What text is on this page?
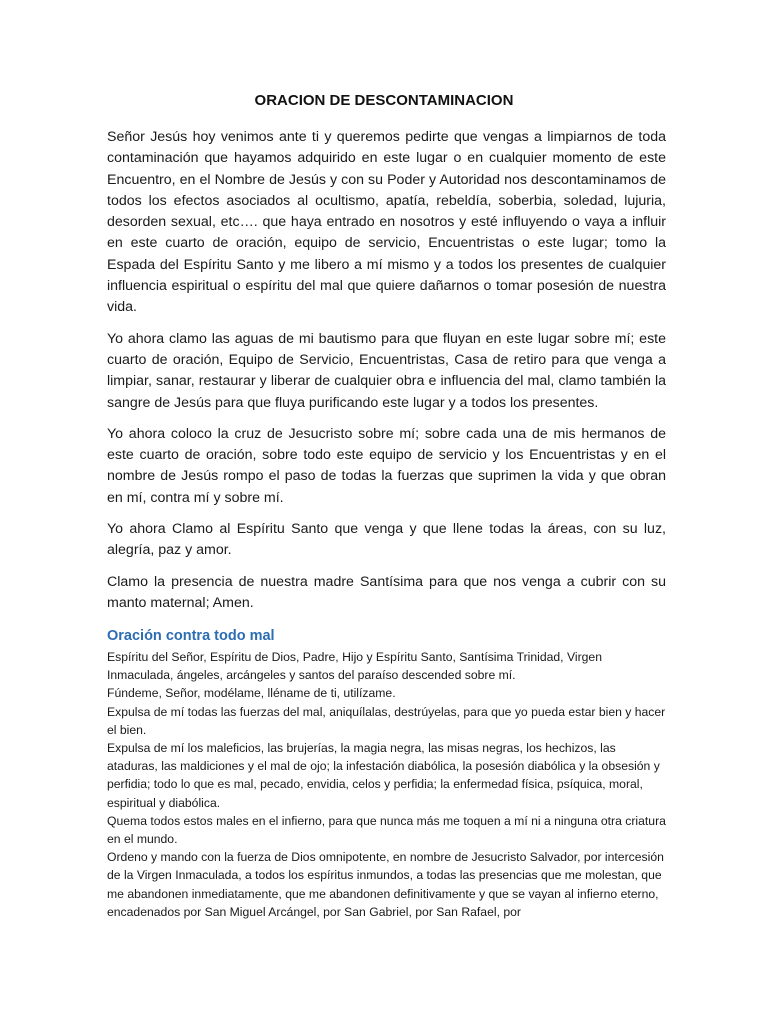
ORACION DE DESCONTAMINACION

Señor Jesús hoy venimos ante ti y queremos pedirte que vengas a limpiarnos de toda contaminación que hayamos adquirido en este lugar o en cualquier momento de este Encuentro, en el Nombre de Jesús y con su Poder y Autoridad nos descontaminamos de todos los efectos asociados al ocultismo, apatía, rebeldía, soberbia, soledad, lujuria, desorden sexual, etc…. que haya entrado en nosotros y esté influyendo o vaya a influir en este cuarto de oración, equipo de servicio, Encuentristas o este lugar; tomo la Espada del Espíritu Santo y me libero a mí mismo y a todos los presentes de cualquier influencia espiritual o espíritu del mal que quiere dañarnos o tomar posesión de nuestra vida.

Yo ahora clamo las aguas de mi bautismo para que fluyan en este lugar sobre mí; este cuarto de oración, Equipo de Servicio, Encuentristas, Casa de retiro para que venga a limpiar, sanar, restaurar y liberar de cualquier obra e influencia del mal, clamo también la sangre de Jesús para que fluya purificando este lugar y a todos los presentes.

Yo ahora coloco la cruz de Jesucristo sobre mí; sobre cada una de mis hermanos de este cuarto de oración, sobre todo este equipo de servicio y los Encuentristas y en el nombre de Jesús rompo el paso de todas la fuerzas que suprimen la vida y que obran en mí, contra mí y sobre mí.

Yo ahora Clamo al Espíritu Santo que venga y que llene todas la áreas, con su luz, alegría, paz y amor.

Clamo la presencia de nuestra madre Santísima para que nos venga a cubrir con su manto maternal; Amen.

Oración contra todo mal
Espíritu del Señor, Espíritu de Dios, Padre, Hijo y Espíritu Santo, Santísima Trinidad, Virgen Inmaculada, ángeles, arcángeles y santos del paraíso descended sobre mí.
Fúndeme, Señor, modélame, lléname de ti, utilízame.
Expulsa de mí todas las fuerzas del mal, aniquílalas, destrúyelas, para que yo pueda estar bien y hacer el bien.
Expulsa de mí los maleficios, las brujerías, la magia negra, las misas negras, los hechizos, las ataduras, las maldiciones y el mal de ojo; la infestación diabólica, la posesión diabólica y la obsesión y perfidia; todo lo que es mal, pecado, envidia, celos y perfidia; la enfermedad física, psíquica, moral, espiritual y diabólica.
Quema todos estos males en el infierno, para que nunca más me toquen a mí ni a ninguna otra criatura en el mundo.
Ordeno y mando con la fuerza de Dios omnipotente, en nombre de Jesucristo Salvador, por intercesión de la Virgen Inmaculada, a todos los espíritus inmundos, a todas las presencias que me molestan, que me abandonen inmediatamente, que me abandonen definitivamente y que se vayan al infierno eterno, encadenados por San Miguel Arcángel, por San Gabriel, por San Rafael, por
